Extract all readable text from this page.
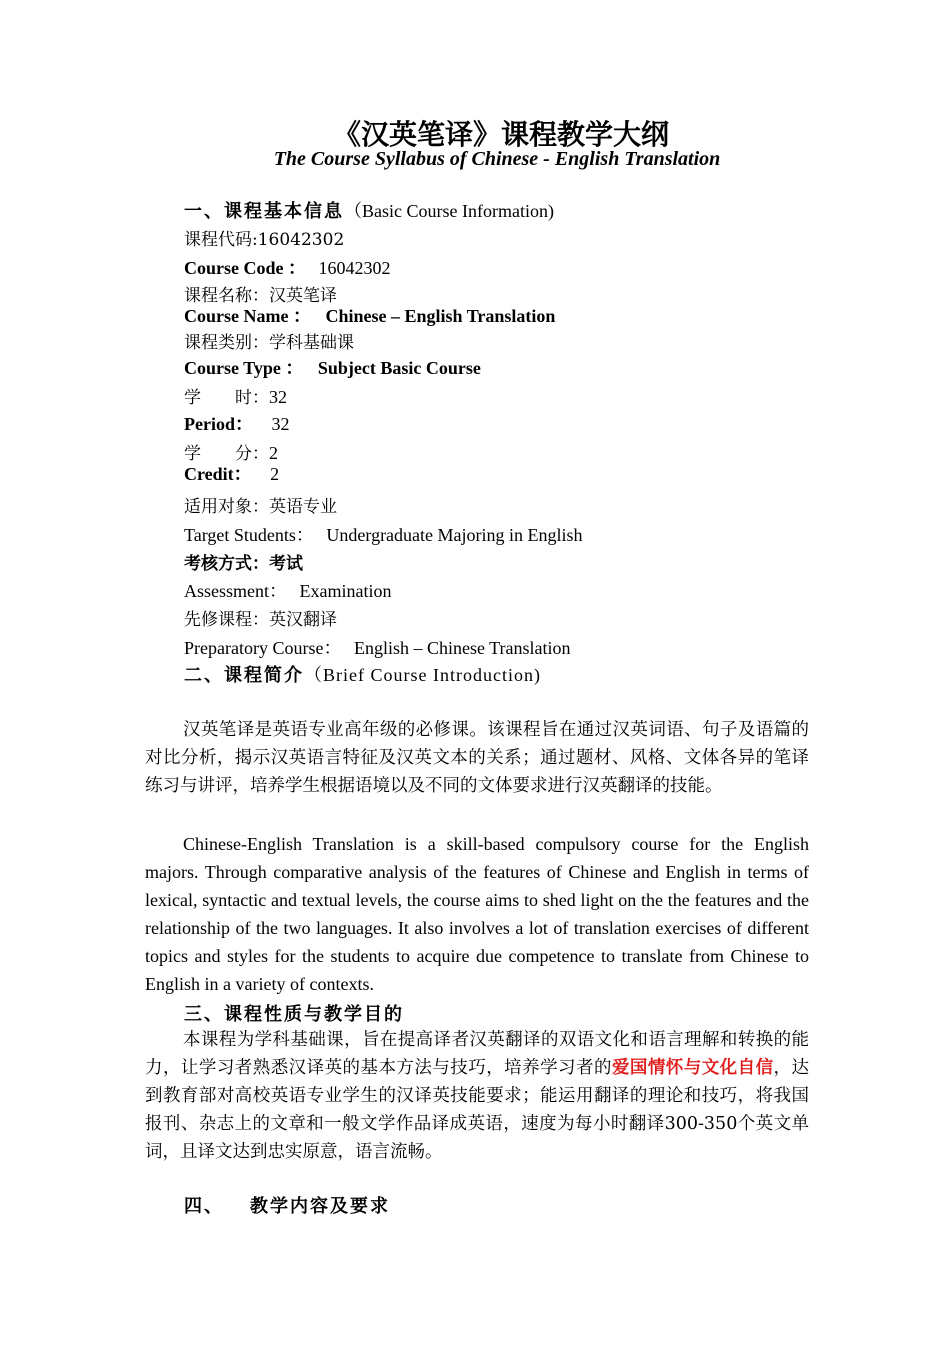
《汉英笔译》课程教学大纲
The Course Syllabus of Chinese - English Translation
一、课程基本信息（Basic Course Information)
课程代码:16042302
Course Code ： 16042302
课程名称：汉英笔译
Course Name ： Chinese – English Translation
课程类别：学科基础课
Course Type ： Subject Basic Course
学　　时：32
Period： 32
学　　分：2
Credit： 2
适用对象：英语专业
Target Students： Undergraduate Majoring in English
考核方式：考试
Assessment： Examination
先修课程：英汉翻译
Preparatory Course： English – Chinese Translation
二、课程简介（Brief Course Introduction)
汉英笔译是英语专业高年级的必修课。该课程旨在通过汉英词语、句子及语篇的对比分析，揭示汉英语言特征及汉英文本的关系；通过题材、风格、文体各异的笔译练习与讲评，培养学生根据语境以及不同的文体要求进行汉英翻译的技能。
Chinese-English Translation is a skill-based compulsory course for the English majors. Through comparative analysis of the features of Chinese and English in terms of lexical, syntactic and textual levels, the course aims to shed light on the the features and the relationship of the two languages. It also involves a lot of translation exercises of different topics and styles for the students to acquire due competence to translate from Chinese to English in a variety of contexts.
三、课程性质与教学目的
本课程为学科基础课，旨在提高译者汉英翻译的双语文化和语言理解和转换的能力，让学习者熟悉汉译英的基本方法与技巧，培养学习者的爱国情怀与文化自信，达到教育部对高校英语专业学生的汉译英技能要求；能运用翻译的理论和技巧，将我国报刊、杂志上的文章和一般文学作品译成英语，速度为每小时翻译300-350个英文单词，且译文达到忠实原意，语言流畅。
四、 教学内容及要求
